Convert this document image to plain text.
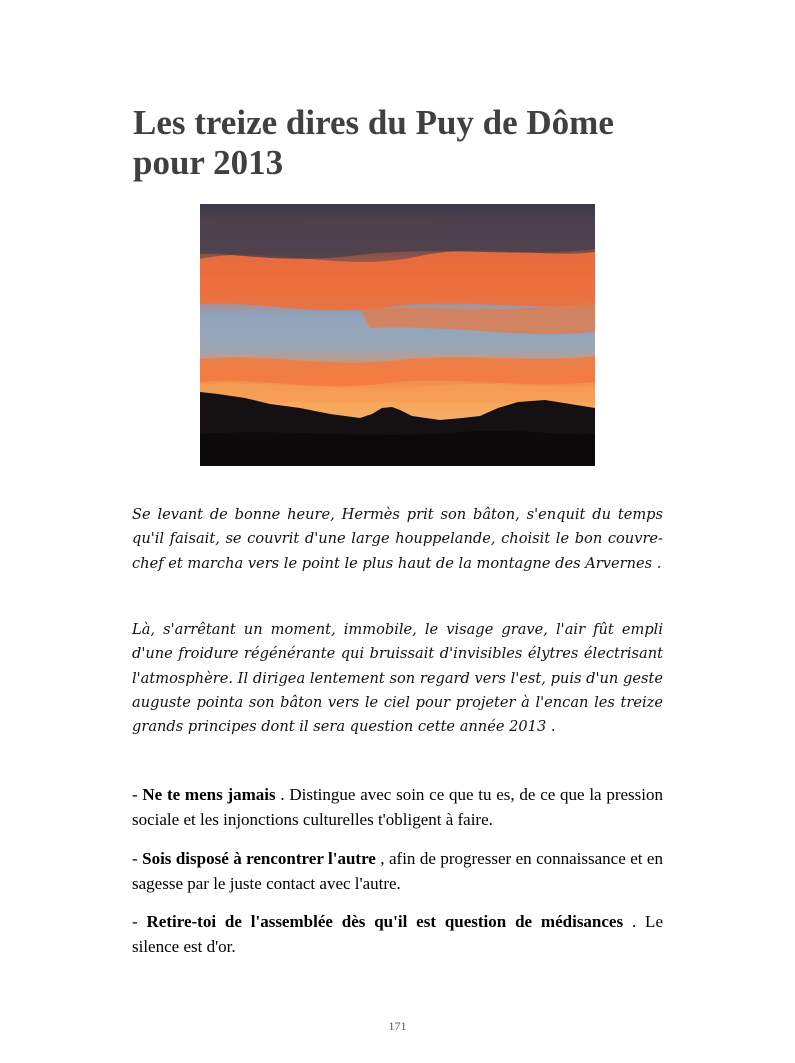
Les treize dires du Puy de Dôme pour 2013

Se levant de bonne heure, Hermès prit son bâton, s'enquit du temps qu'il faisait, se couvrit d'une large houppelande, choisit le bon couvre-chef et marcha vers le point le plus haut de la montagne des Arvernes .

Là, s'arrêtant un moment, immobile, le visage grave, l'air fût empli d'une froidure régénérante qui bruissait d'invisibles élytres électrisant l'atmosphère. Il dirigea lentement son regard vers l'est, puis d'un geste auguste pointa son bâton vers le ciel pour projeter à l'encan les treize grands principes dont il sera question cette année 2013 .

- Ne te mens jamais . Distingue avec soin ce que tu es, de ce que la pression sociale et les injonctions culturelles t'obligent à faire.

- Sois disposé à rencontrer l'autre , afin de progresser en connaissance et en sagesse par le juste contact avec l'autre.

- Retire-toi de l'assemblée dès qu'il est question de médisances . Le silence est d'or.

171
